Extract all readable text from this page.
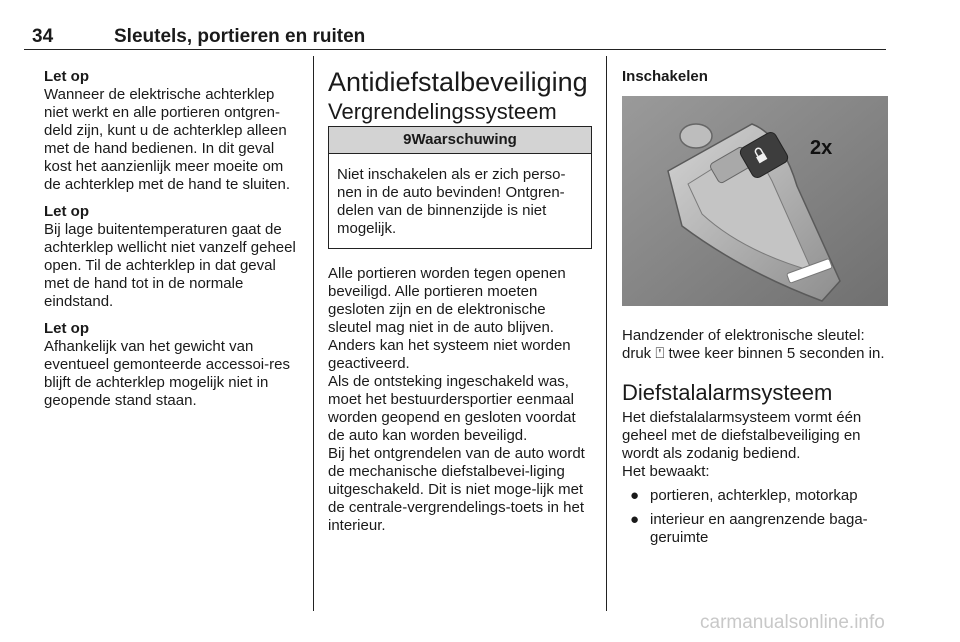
34	Sleutels, portieren en ruiten

Let op

Wanneer de elektrische achterklep niet werkt en alle portieren ontgren-deld zijn, kunt u de achterklep alleen met de hand bedienen. In dit geval kost het aanzienlijk meer moeite om de achterklep met de hand te sluiten.

Let op

Bij lage buitentemperaturen gaat de achterklep wellicht niet vanzelf geheel open. Til de achterklep in dat geval met de hand tot in de normale eindstand.

Let op

Afhankelijk van het gewicht van eventueel gemonteerde accessoi-res blijft de achterklep mogelijk niet in geopende stand staan.

Antidiefstalbeveiliging

Vergrendelingssysteem

9Waarschuwing
Niet inschakelen als er zich perso-nen in de auto bevinden! Ontgren-delen van de binnenzijde is niet mogelijk.

Alle portieren worden tegen openen beveiligd. Alle portieren moeten gesloten zijn en de elektronische sleutel mag niet in de auto blijven. Anders kan het systeem niet worden geactiveerd.

Als de ontsteking ingeschakeld was, moet het bestuurdersportier eenmaal worden geopend en gesloten voordat de auto kan worden beveiligd.

Bij het ontgrendelen van de auto wordt de mechanische diefstalbevei-liging uitgeschakeld. Dit is niet moge-lijk met de centrale-vergrendelings-toets in het interieur.

Inschakelen

2x

Handzender of elektronische sleutel: druk ⍞ twee keer binnen 5 seconden in.

Diefstalalarmsysteem

Het diefstalalarmsysteem vormt één geheel met de diefstalbeveiliging en wordt als zodanig bediend.

Het bewaakt:

● portieren, achterklep, motorkap
● interieur en aangrenzende baga-geruimte
carmanualsonline.info
